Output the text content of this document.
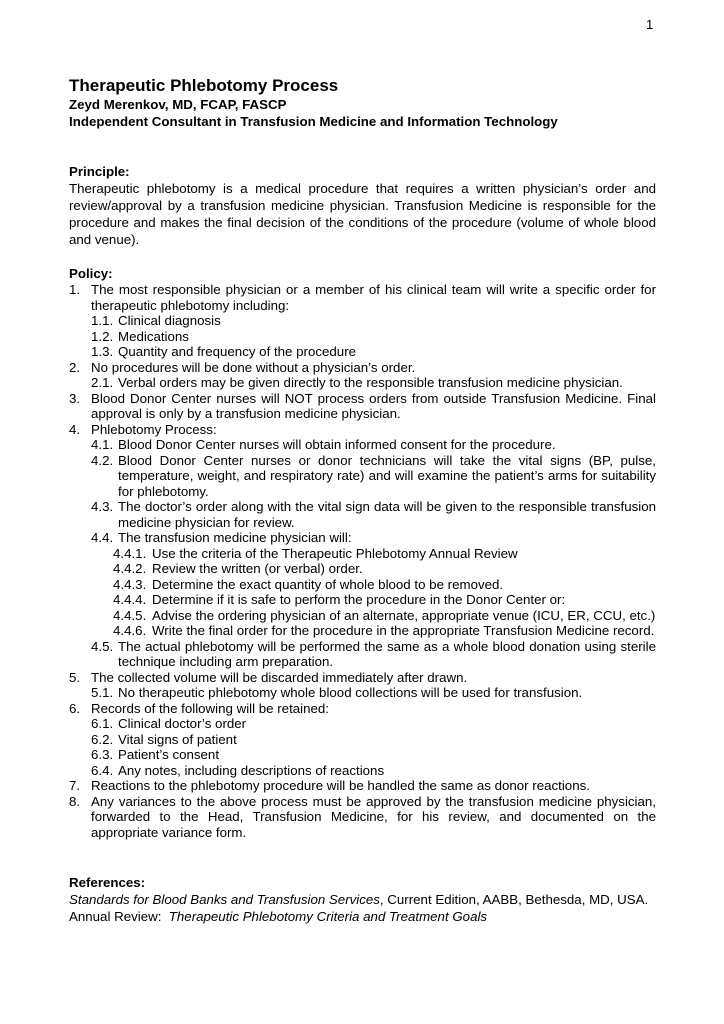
1
Therapeutic Phlebotomy Process
Zeyd Merenkov, MD, FCAP, FASCP
Independent Consultant in Transfusion Medicine and Information Technology
Principle:

Therapeutic phlebotomy is a medical procedure that requires a written physician’s order and review/approval by a transfusion medicine physician. Transfusion Medicine is responsible for the procedure and makes the final decision of the conditions of the procedure (volume of whole blood and venue).

Policy:
1. The most responsible physician or a member of his clinical team will write a specific order for therapeutic phlebotomy including:
1.1. Clinical diagnosis
1.2. Medications
1.3. Quantity and frequency of the procedure
2. No procedures will be done without a physician’s order.
2.1. Verbal orders may be given directly to the responsible transfusion medicine physician.
3. Blood Donor Center nurses will NOT process orders from outside Transfusion Medicine. Final approval is only by a transfusion medicine physician.
4. Phlebotomy Process:
4.1. Blood Donor Center nurses will obtain informed consent for the procedure.
4.2. Blood Donor Center nurses or donor technicians will take the vital signs (BP, pulse, temperature, weight, and respiratory rate) and will examine the patient’s arms for suitability for phlebotomy.
4.3. The doctor’s order along with the vital sign data will be given to the responsible transfusion medicine physician for review.
4.4. The transfusion medicine physician will:
4.4.1. Use the criteria of the Therapeutic Phlebotomy Annual Review
4.4.2. Review the written (or verbal) order.
4.4.3. Determine the exact quantity of whole blood to be removed.
4.4.4. Determine if it is safe to perform the procedure in the Donor Center or:
4.4.5. Advise the ordering physician of an alternate, appropriate venue (ICU, ER, CCU, etc.)
4.4.6. Write the final order for the procedure in the appropriate Transfusion Medicine record.
4.5. The actual phlebotomy will be performed the same as a whole blood donation using sterile technique including arm preparation.
5. The collected volume will be discarded immediately after drawn.
5.1. No therapeutic phlebotomy whole blood collections will be used for transfusion.
6. Records of the following will be retained:
6.1. Clinical doctor’s order
6.2. Vital signs of patient
6.3. Patient’s consent
6.4. Any notes, including descriptions of reactions
7. Reactions to the phlebotomy procedure will be handled the same as donor reactions.
8. Any variances to the above process must be approved by the transfusion medicine physician, forwarded to the Head, Transfusion Medicine, for his review, and documented on the appropriate variance form.
References:

Standards for Blood Banks and Transfusion Services, Current Edition, AABB, Bethesda, MD, USA.

Annual Review:  Therapeutic Phlebotomy Criteria and Treatment Goals
